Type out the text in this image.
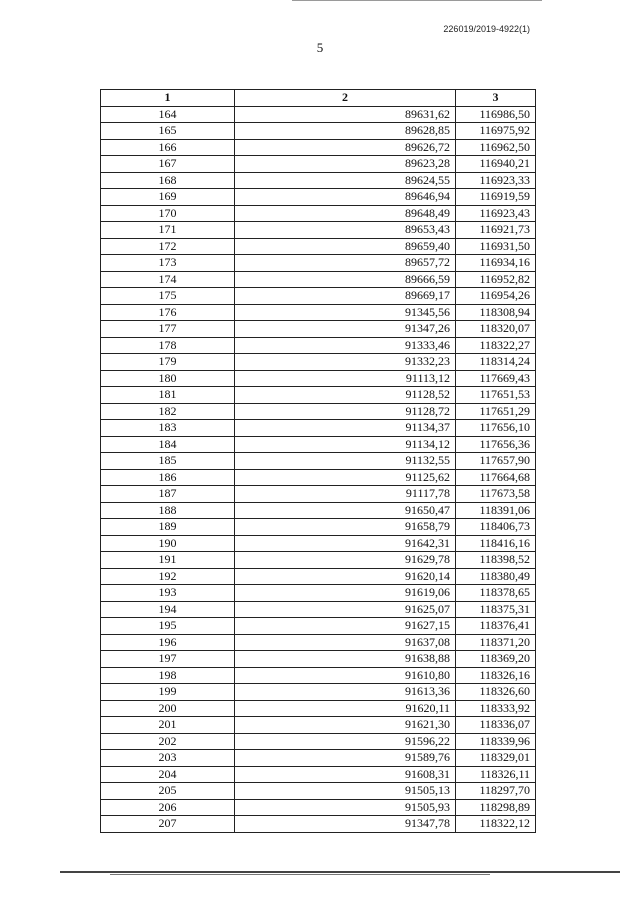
226019/2019-4922(1)
5
1	2	3
164	89631,62	116986,50
165	89628,85	116975,92
166	89626,72	116962,50
167	89623,28	116940,21
168	89624,55	116923,33
169	89646,94	116919,59
170	89648,49	116923,43
171	89653,43	116921,73
172	89659,40	116931,50
173	89657,72	116934,16
174	89666,59	116952,82
175	89669,17	116954,26
176	91345,56	118308,94
177	91347,26	118320,07
178	91333,46	118322,27
179	91332,23	118314,24
180	91113,12	117669,43
181	91128,52	117651,53
182	91128,72	117651,29
183	91134,37	117656,10
184	91134,12	117656,36
185	91132,55	117657,90
186	91125,62	117664,68
187	91117,78	117673,58
188	91650,47	118391,06
189	91658,79	118406,73
190	91642,31	118416,16
191	91629,78	118398,52
192	91620,14	118380,49
193	91619,06	118378,65
194	91625,07	118375,31
195	91627,15	118376,41
196	91637,08	118371,20
197	91638,88	118369,20
198	91610,80	118326,16
199	91613,36	118326,60
200	91620,11	118333,92
201	91621,30	118336,07
202	91596,22	118339,96
203	91589,76	118329,01
204	91608,31	118326,11
205	91505,13	118297,70
206	91505,93	118298,89
207	91347,78	118322,12
